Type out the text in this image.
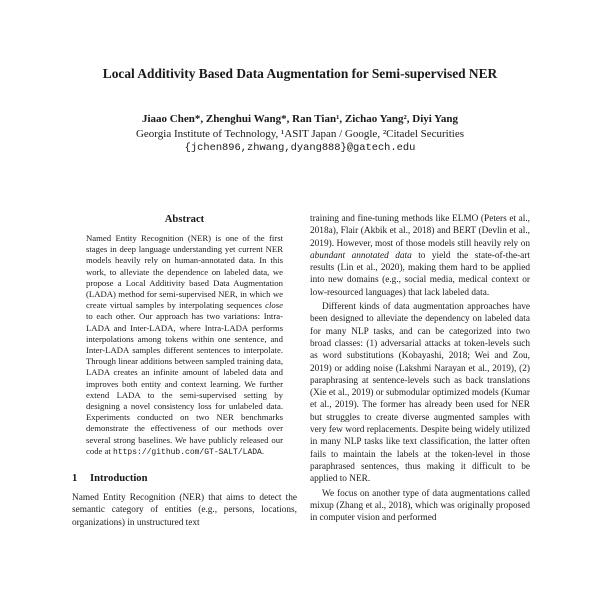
Local Additivity Based Data Augmentation for Semi-supervised NER
Jiaao Chen*, Zhenghui Wang*, Ran Tian¹, Zichao Yang², Diyi Yang
Georgia Institute of Technology, ¹ASIT Japan / Google, ²Citadel Securities
{jchen896,zhwang,dyang888}@gatech.edu
Abstract
Named Entity Recognition (NER) is one of the first stages in deep language understanding yet current NER models heavily rely on human-annotated data. In this work, to alleviate the dependence on labeled data, we propose a Local Additivity based Data Augmentation (LADA) method for semi-supervised NER, in which we create virtual samples by interpolating sequences close to each other. Our approach has two variations: Intra-LADA and Inter-LADA, where Intra-LADA performs interpolations among tokens within one sentence, and Inter-LADA samples different sentences to interpolate. Through linear additions between sampled training data, LADA creates an infinite amount of labeled data and improves both entity and context learning. We further extend LADA to the semi-supervised setting by designing a novel consistency loss for unlabeled data. Experiments conducted on two NER benchmarks demonstrate the effectiveness of our methods over several strong baselines. We have publicly released our code at https://github.com/GT-SALT/LADA.
1 Introduction

Named Entity Recognition (NER) that aims to detect the semantic category of entities (e.g., persons, locations, organizations) in unstructured text

training and fine-tuning methods like ELMO (Peters et al., 2018a), Flair (Akbik et al., 2018) and BERT (Devlin et al., 2019). However, most of those models still heavily rely on abundant annotated data to yield the state-of-the-art results (Lin et al., 2020), making them hard to be applied into new domains (e.g., social media, medical context or low-resourced languages) that lack labeled data.

Different kinds of data augmentation approaches have been designed to alleviate the dependency on labeled data for many NLP tasks, and can be categorized into two broad classes: (1) adversarial attacks at token-levels such as word substitutions (Kobayashi, 2018; Wei and Zou, 2019) or adding noise (Lakshmi Narayan et al., 2019), (2) paraphrasing at sentence-levels such as back translations (Xie et al., 2019) or submodular optimized models (Kumar et al., 2019). The former has already been used for NER but struggles to create diverse augmented samples with very few word replacements. Despite being widely utilized in many NLP tasks like text classification, the latter often fails to maintain the labels at the token-level in those paraphrased sentences, thus making it difficult to be applied to NER.

We focus on another type of data augmentations called mixup (Zhang et al., 2018), which was originally proposed in computer vision and performed
